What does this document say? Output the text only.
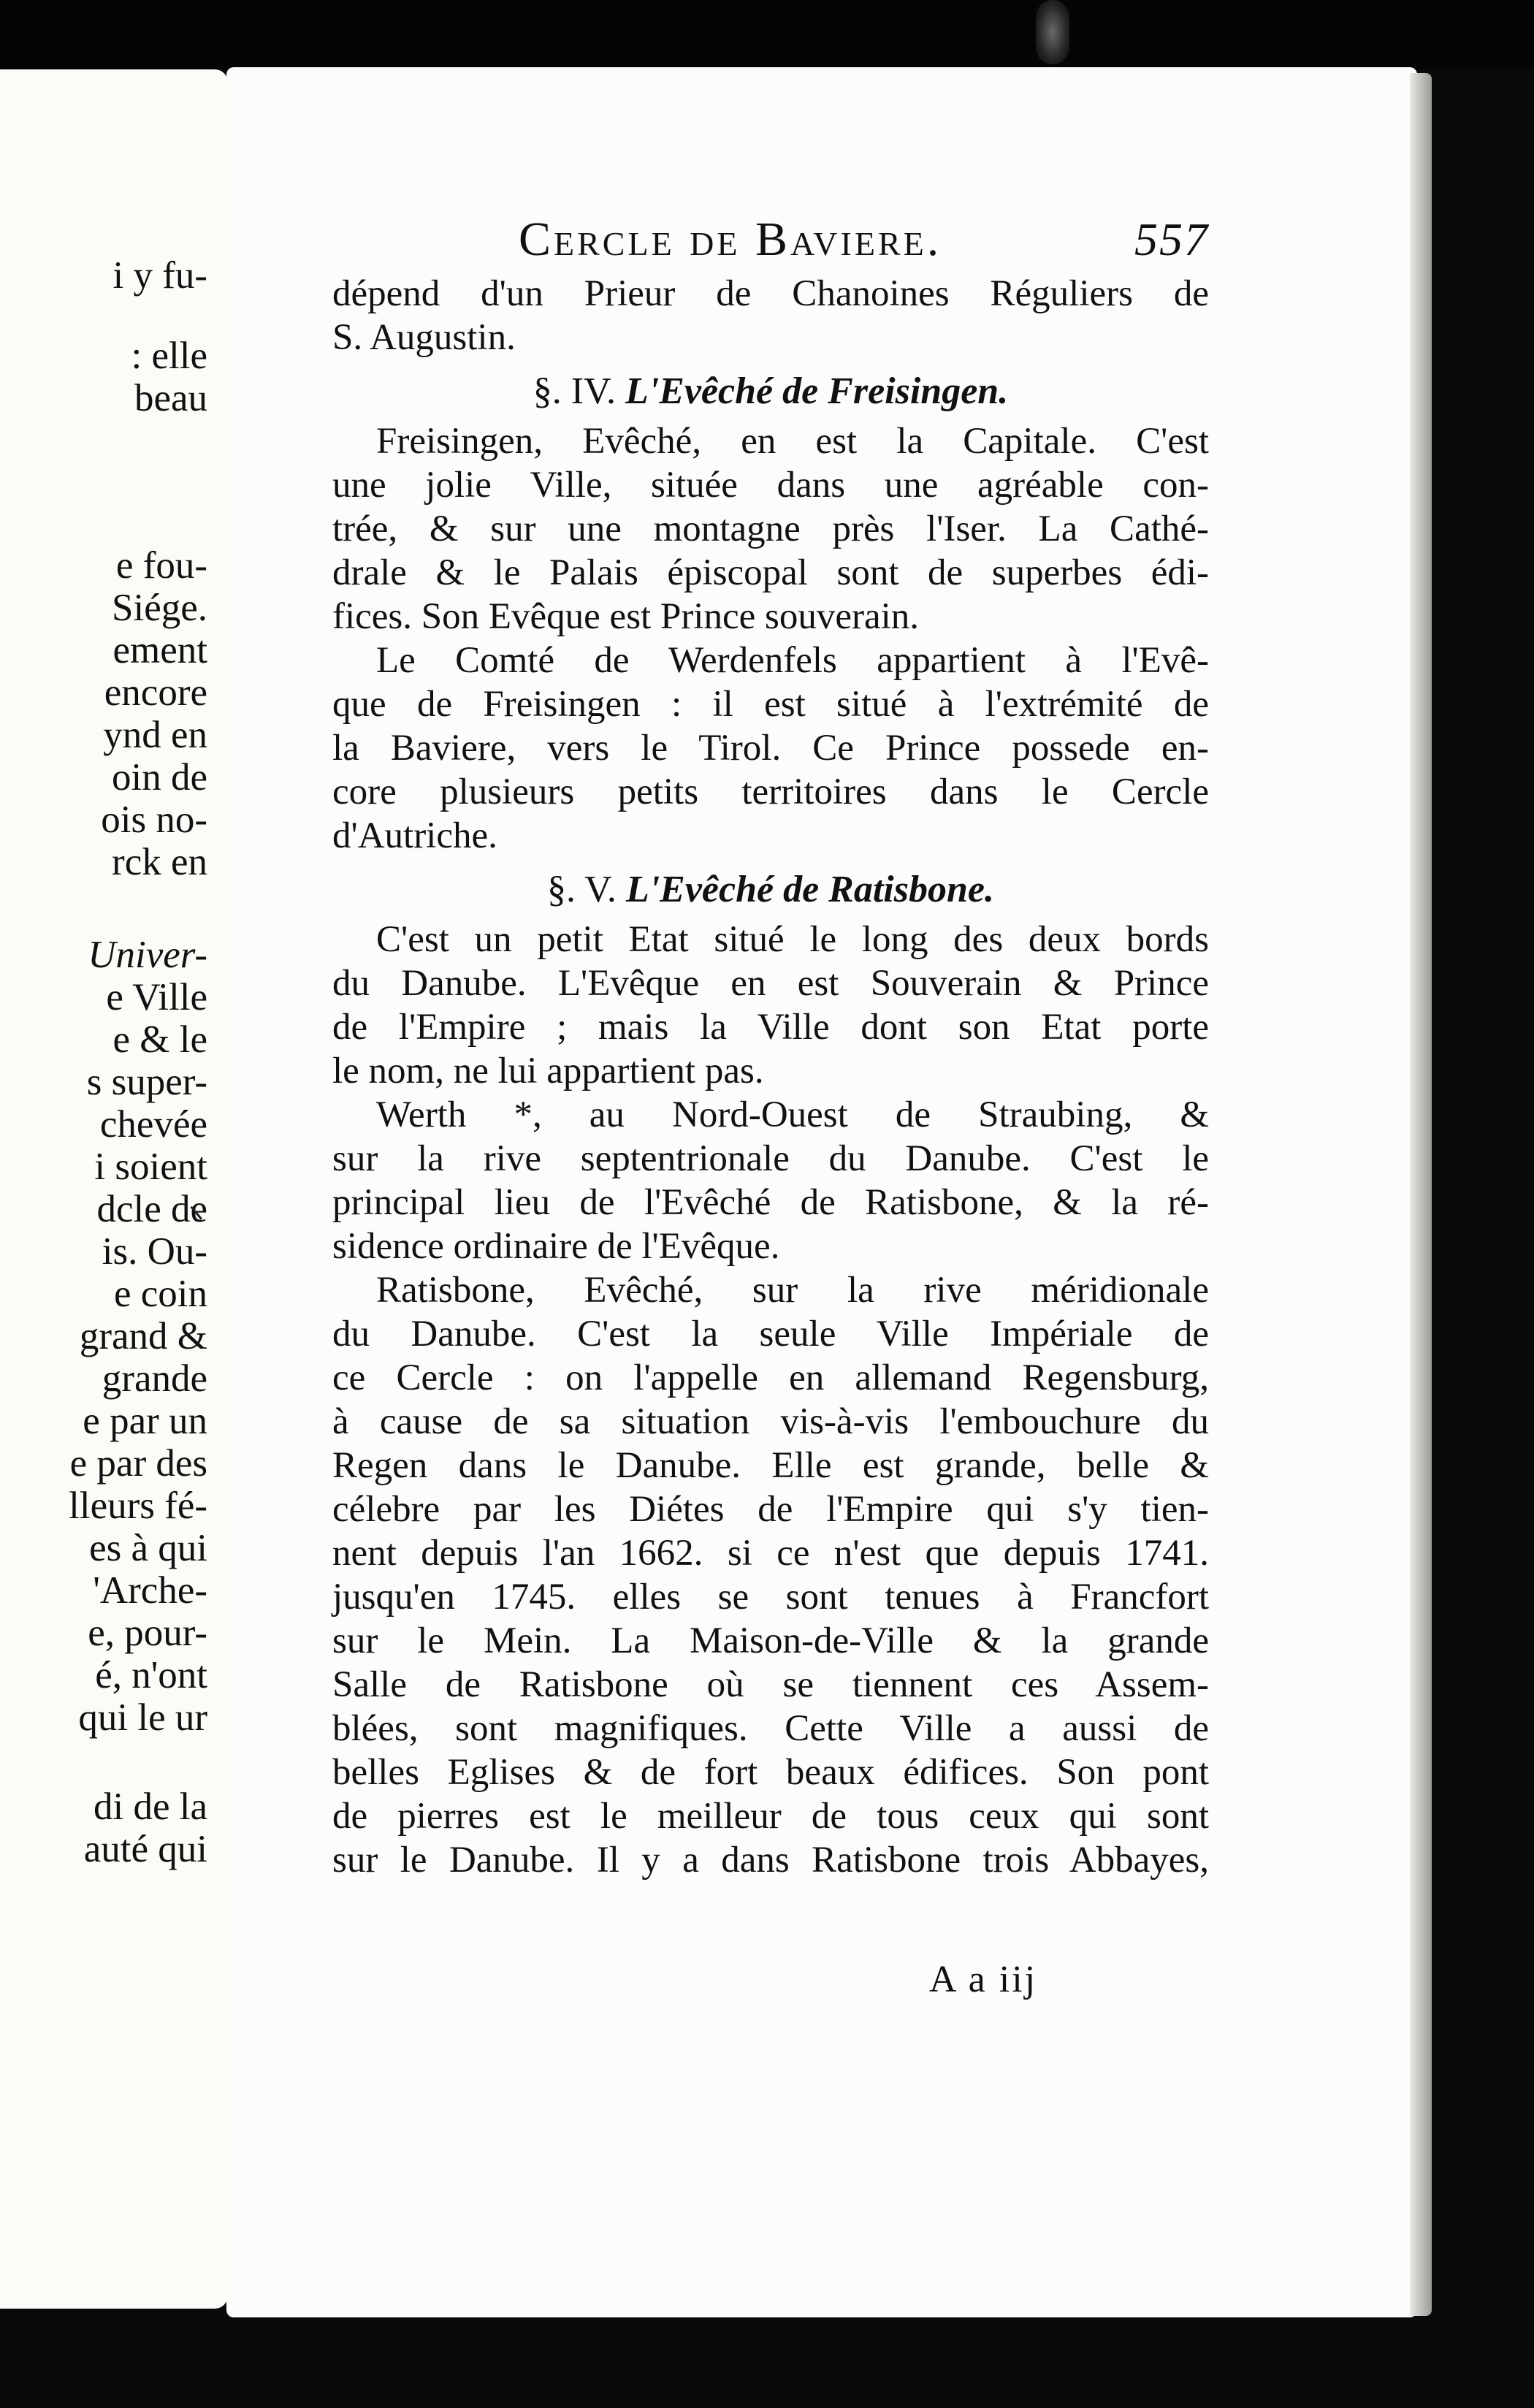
i y fu-
: elle
beau
e fou-
Siége.
ement
encore
ynd en
oin de
ois no-
rck en
Univer-
e Ville
e & le
s super-
chevée
i soient
dcle de
is. Ou-
e coin
grand &
grande
e par un
e par des
lleurs fé-
es à qui
'Arche-
e, pour-
é, n'ont
qui le ur
di de la
auté qui
Cercle de Baviere.	557
dépend d'un Prieur de Chanoines Réguliers de
S. Augustin.
§. IV. L'Evêché de Freisingen.
Freisingen, Evêché, en est la Capitale. C'est
une jolie Ville, située dans une agréable con-
trée, & sur une montagne près l'Iser. La Cathé-
drale & le Palais épiscopal sont de superbes édi-
fices. Son Evêque est Prince souverain.
Le Comté de Werdenfels appartient à l'Evê-
que de Freisingen : il est situé à l'extrémité de
la Baviere, vers le Tirol. Ce Prince possede en-
core plusieurs petits territoires dans le Cercle
d'Autriche.
§. V. L'Evêché de Ratisbone.
C'est un petit Etat situé le long des deux bords
du Danube. L'Evêque en est Souverain & Prince
de l'Empire ; mais la Ville dont son Etat porte
le nom, ne lui appartient pas.
Werth *, au Nord-Ouest de Straubing, &
sur la rive septentrionale du Danube. C'est le
principal lieu de l'Evêché de Ratisbone, & la ré-
sidence ordinaire de l'Evêque.
Ratisbone, Evêché, sur la rive méridionale
du Danube. C'est la seule Ville Impériale de
ce Cercle : on l'appelle en allemand Regensburg,
à cause de sa situation vis-à-vis l'embouchure du
Regen dans le Danube. Elle est grande, belle &
célebre par les Diétes de l'Empire qui s'y tien-
nent depuis l'an 1662. si ce n'est que depuis 1741.
jusqu'en 1745. elles se sont tenues à Francfort
sur le Mein. La Maison-de-Ville & la grande
Salle de Ratisbone où se tiennent ces Assem-
blées, sont magnifiques. Cette Ville a aussi de
belles Eglises & de fort beaux édifices. Son pont
de pierres est le meilleur de tous ceux qui sont
sur le Danube. Il y a dans Ratisbone trois Abbayes,
A a iij
